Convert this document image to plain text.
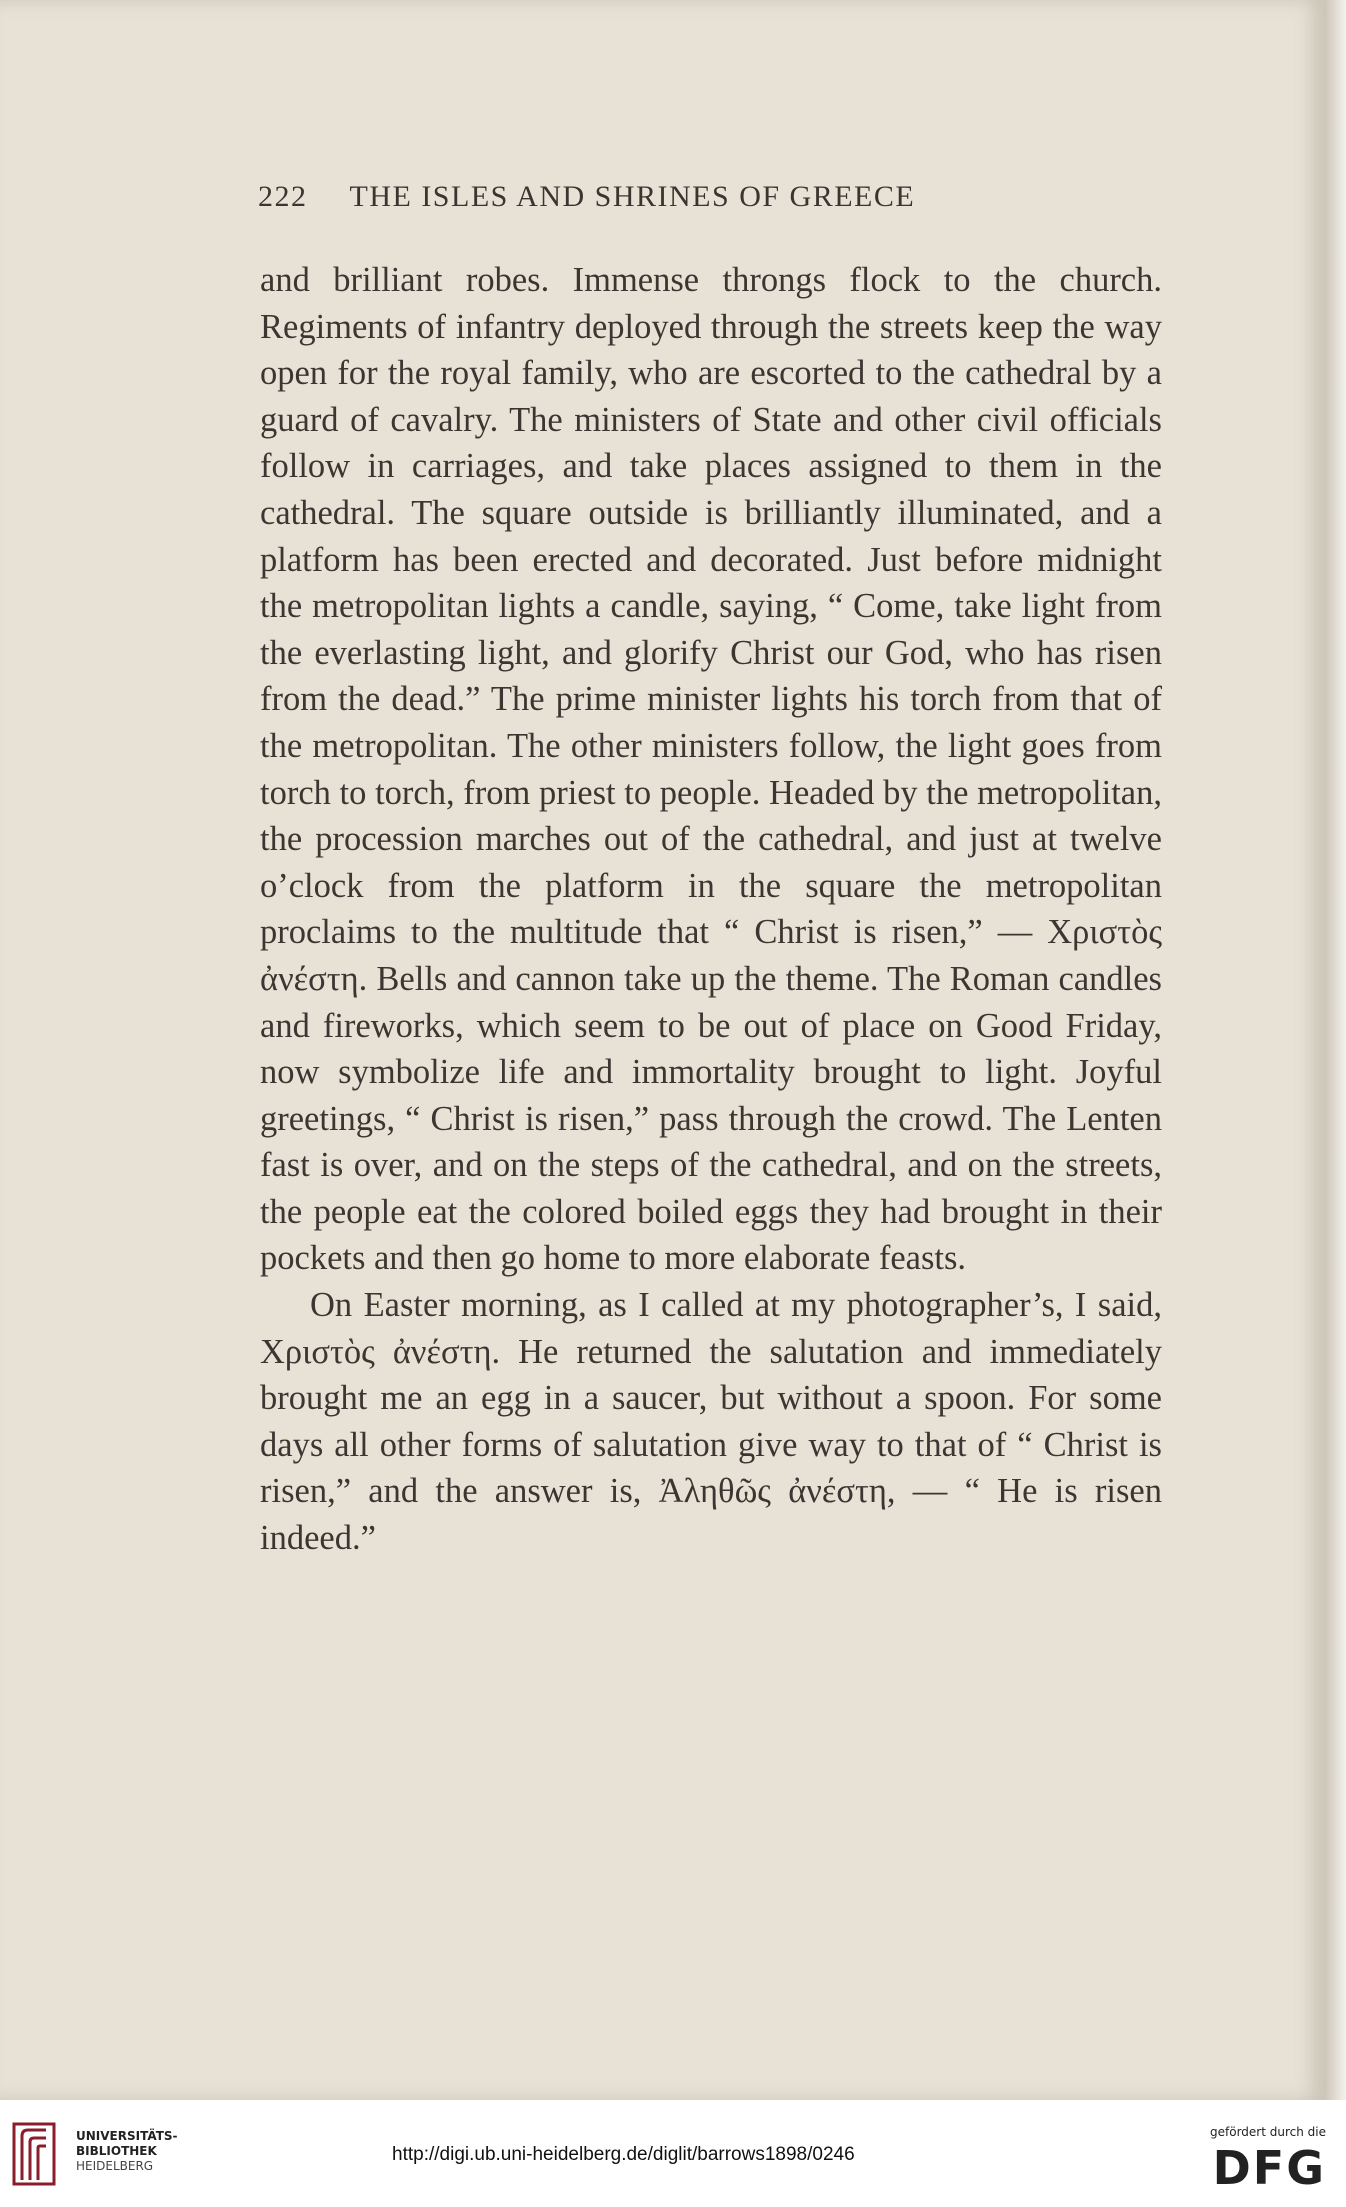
222 THE ISLES AND SHRINES OF GREECE

and brilliant robes. Immense throngs flock to the church. Regiments of infantry deployed through the streets keep the way open for the royal family, who are escorted to the cathedral by a guard of cavalry. The ministers of State and other civil officials follow in carriages, and take places assigned to them in the cathedral. The square outside is brilliantly illuminated, and a platform has been erected and decorated. Just before midnight the metropolitan lights a candle, saying, “ Come, take light from the everlasting light, and glorify Christ our God, who has risen from the dead.” The prime minister lights his torch from that of the metropolitan. The other ministers follow, the light goes from torch to torch, from priest to people. Headed by the metropolitan, the procession marches out of the cathedral, and just at twelve o’clock from the platform in the square the metropolitan proclaims to the multitude that “ Christ is risen,” — Χριστὸς ἀνέστη. Bells and cannon take up the theme. The Roman candles and fireworks, which seem to be out of place on Good Friday, now symbolize life and immortality brought to light. Joyful greetings, “ Christ is risen,” pass through the crowd. The Lenten fast is over, and on the steps of the cathedral, and on the streets, the people eat the colored boiled eggs they had brought in their pockets and then go home to more elaborate feasts.

On Easter morning, as I called at my photographer’s, I said, Χριστὸς ἀνέστη. He returned the salutation and immediately brought me an egg in a saucer, but without a spoon. For some days all other forms of salutation give way to that of “ Christ is risen,” and the answer is, Ἀληθῶς ἀνέστη, — “ He is risen indeed.”

UNIVERSITÄTS-
BIBLIOTHEK
HEIDELBERG
http://digi.ub.uni-heidelberg.de/diglit/barrows1898/0246
gefördert durch die
DFG
